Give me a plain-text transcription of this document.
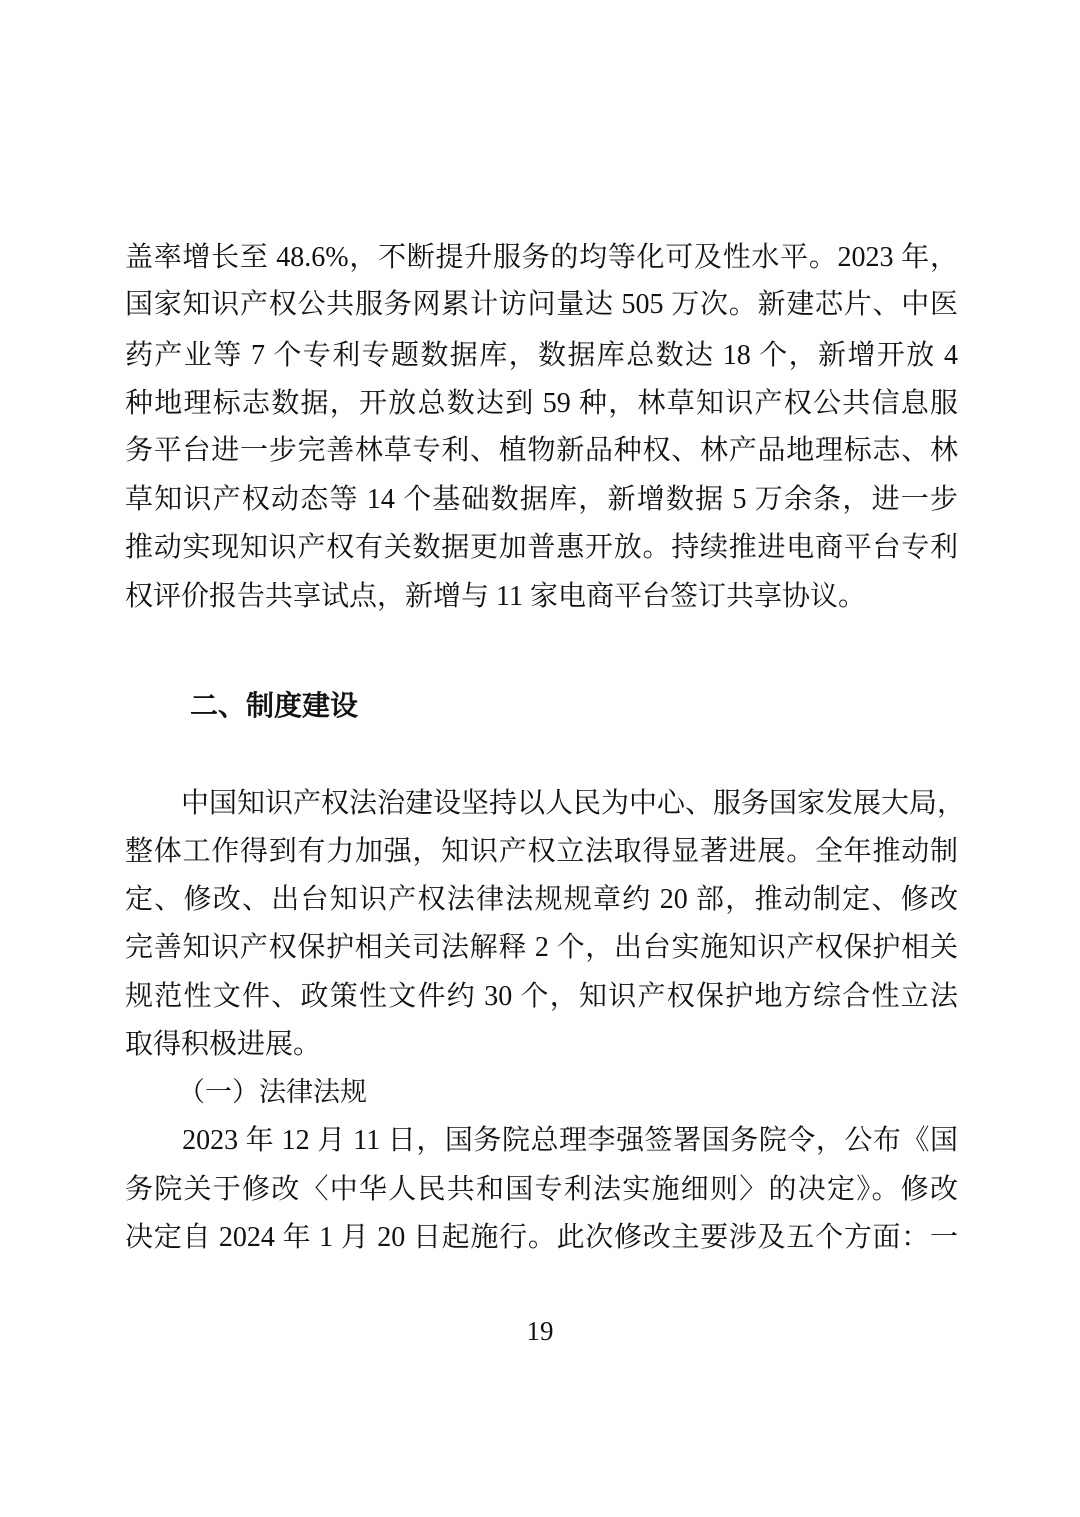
盖率增长至 48.6%，不断提升服务的均等化可及性水平。2023 年，
国家知识产权公共服务网累计访问量达 505 万次。新建芯片、中医
药产业等 7 个专利专题数据库，数据库总数达 18 个，新增开放 4
种地理标志数据，开放总数达到 59 种，林草知识产权公共信息服
务平台进一步完善林草专利、植物新品种权、林产品地理标志、林
草知识产权动态等 14 个基础数据库，新增数据 5 万余条，进一步
推动实现知识产权有关数据更加普惠开放。持续推进电商平台专利
权评价报告共享试点，新增与 11 家电商平台签订共享协议。
二、制度建设
　　中国知识产权法治建设坚持以人民为中心、服务国家发展大局，
整体工作得到有力加强，知识产权立法取得显著进展。全年推动制
定、修改、出台知识产权法律法规规章约 20 部，推动制定、修改
完善知识产权保护相关司法解释 2 个，出台实施知识产权保护相关
规范性文件、政策性文件约 30 个，知识产权保护地方综合性立法
取得积极进展。
（一）法律法规
　　2023 年 12 月 11 日，国务院总理李强签署国务院令，公布《国
务院关于修改〈中华人民共和国专利法实施细则〉的决定》。修改
决定自 2024 年 1 月 20 日起施行。此次修改主要涉及五个方面：一
19
